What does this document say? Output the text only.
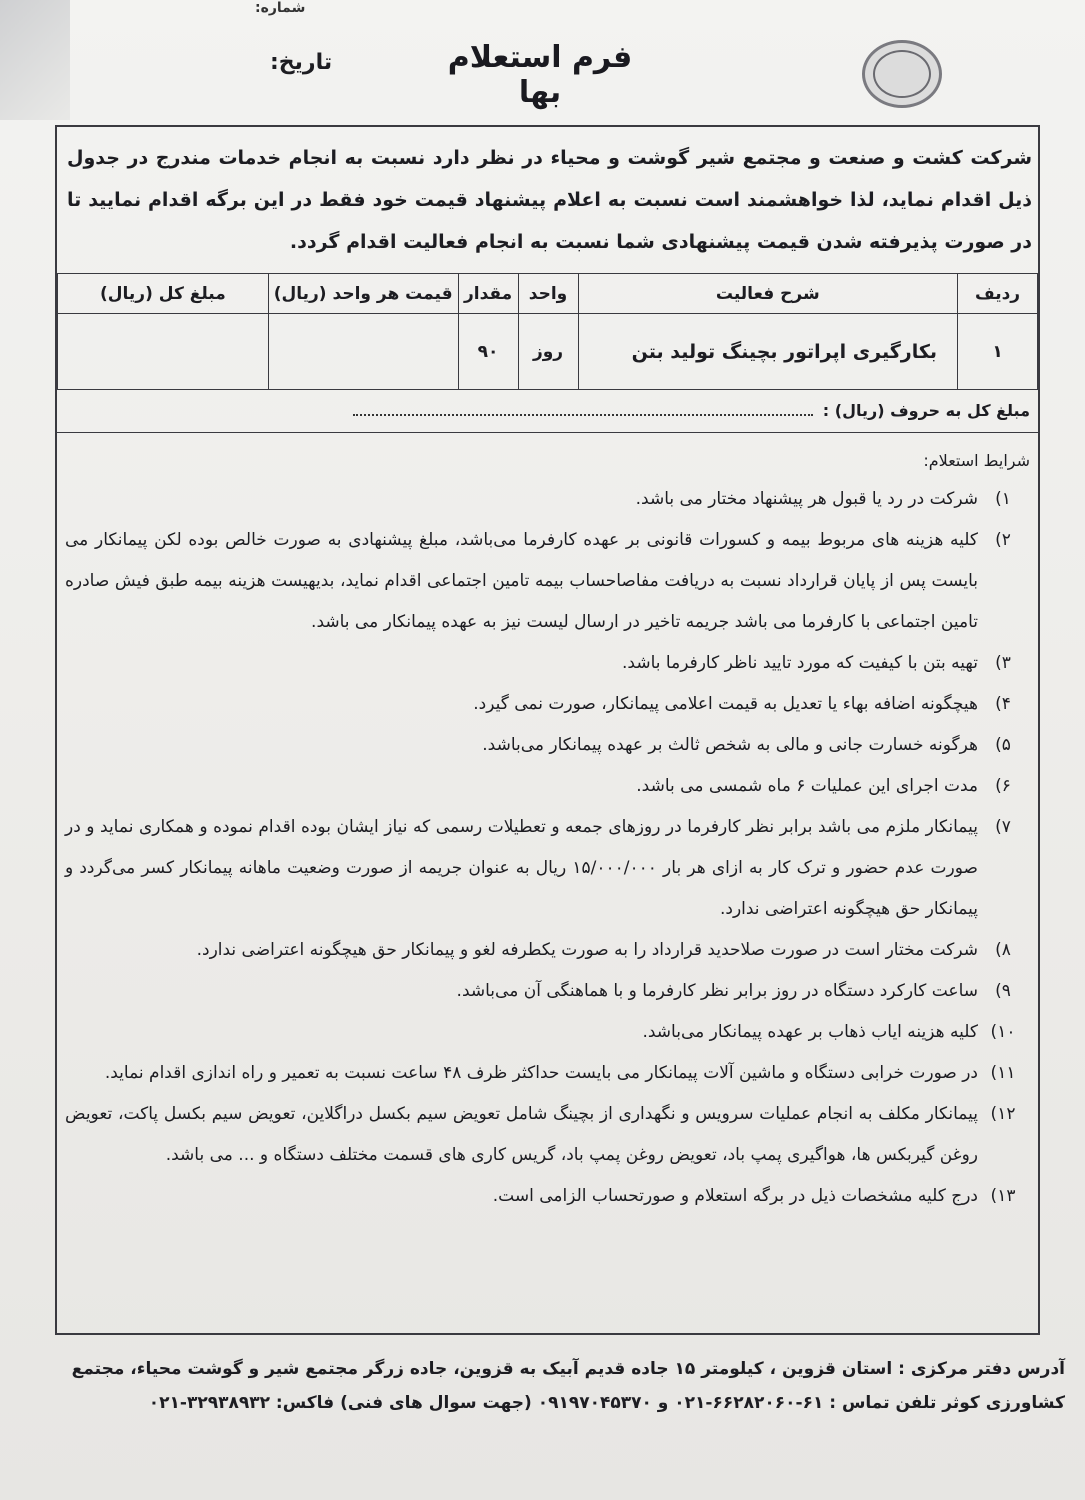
شماره:
فرم استعلام بها
تاریخ:

شرکت کشت و صنعت و مجتمع شیر گوشت و محیاء در نظر دارد نسبت به انجام خدمات مندرج در جدول ذیل اقدام نماید، لذا خواهشمند است نسبت به اعلام پیشنهاد قیمت خود فقط در این برگه اقدام نمایید تا در صورت پذیرفته شدن قیمت پیشنهادی شما نسبت به انجام فعالیت اقدام گردد.

ردیف	شرح فعالیت	واحد	مقدار	قیمت هر واحد (ریال)	مبلغ کل (ریال)
۱	بکارگیری اپراتور بچینگ تولید بتن	روز	۹۰		
مبلغ کل به حروف (ریال) :
شرایط استعلام:
۱)
شرکت در رد یا قبول هر پیشنهاد مختار می باشد.
۲)
کلیه هزینه های مربوط بیمه و کسورات قانونی بر عهده کارفرما می‌باشد، مبلغ پیشنهادی به صورت خالص بوده لکن پیمانکار می بایست پس از پایان قرارداد نسبت به دریافت مفاصاحساب بیمه تامین اجتماعی اقدام نماید، بدیهیست هزینه بیمه طبق فیش صادره تامین اجتماعی با کارفرما می باشد جریمه تاخیر در ارسال لیست نیز به عهده پیمانکار می باشد.
۳)
تهیه بتن با کیفیت که مورد تایید ناظر کارفرما باشد.
۴)
هیچگونه اضافه بهاء یا تعدیل به قیمت اعلامی پیمانکار، صورت نمی گیرد.
۵)
هرگونه خسارت جانی و مالی به شخص ثالث بر عهده پیمانکار می‌باشد.
۶)
مدت اجرای این عملیات ۶ ماه شمسی می باشد.
۷)
پیمانکار ملزم می باشد برابر نظر کارفرما در روزهای جمعه و تعطیلات رسمی که نیاز ایشان بوده اقدام نموده و همکاری نماید و در صورت عدم حضور و ترک کار به ازای هر بار ۱۵/۰۰۰/۰۰۰ ریال به عنوان جریمه از صورت وضعیت ماهانه پیمانکار کسر می‌گردد و پیمانکار حق هیچگونه اعتراضی ندارد.
۸)
شرکت مختار است در صورت صلاحدید قرارداد را به صورت یکطرفه لغو و پیمانکار حق هیچگونه اعتراضی ندارد.
۹)
ساعت کارکرد دستگاه در روز برابر نظر کارفرما و با هماهنگی آن می‌باشد.
۱۰)
کلیه هزینه ایاب ذهاب بر عهده پیمانکار می‌باشد.
۱۱)
در صورت خرابی دستگاه و ماشین آلات پیمانکار می بایست حداکثر ظرف ۴۸ ساعت نسبت به تعمیر و راه اندازی اقدام نماید.
۱۲)
پیمانکار مکلف به انجام عملیات سرویس و نگهداری از بچینگ شامل تعویض سیم بکسل دراگلاین، تعویض سیم بکسل پاکت، تعویض روغن گیربکس ها، هواگیری پمپ باد، تعویض روغن پمپ باد، گریس کاری های قسمت مختلف دستگاه و ... می باشد.
۱۳)
درج کلیه مشخصات ذیل در برگه استعلام و صورتحساب الزامی است.
آدرس دفتر مرکزی : استان قزوین ، کیلومتر ۱۵ جاده قدیم آبیک به قزوین، جاده زرگر مجتمع شیر و گوشت محیاء، مجتمع
کشاورزی کوثر تلفن تماس : ۶۱-۶۶۲۸۲۰۶۰-۰۲۱ و ۰۹۱۹۷۰۴۵۳۷۰ (جهت سوال های فنی) فاکس: ۳۲۹۳۸۹۳۲-۰۲۱
